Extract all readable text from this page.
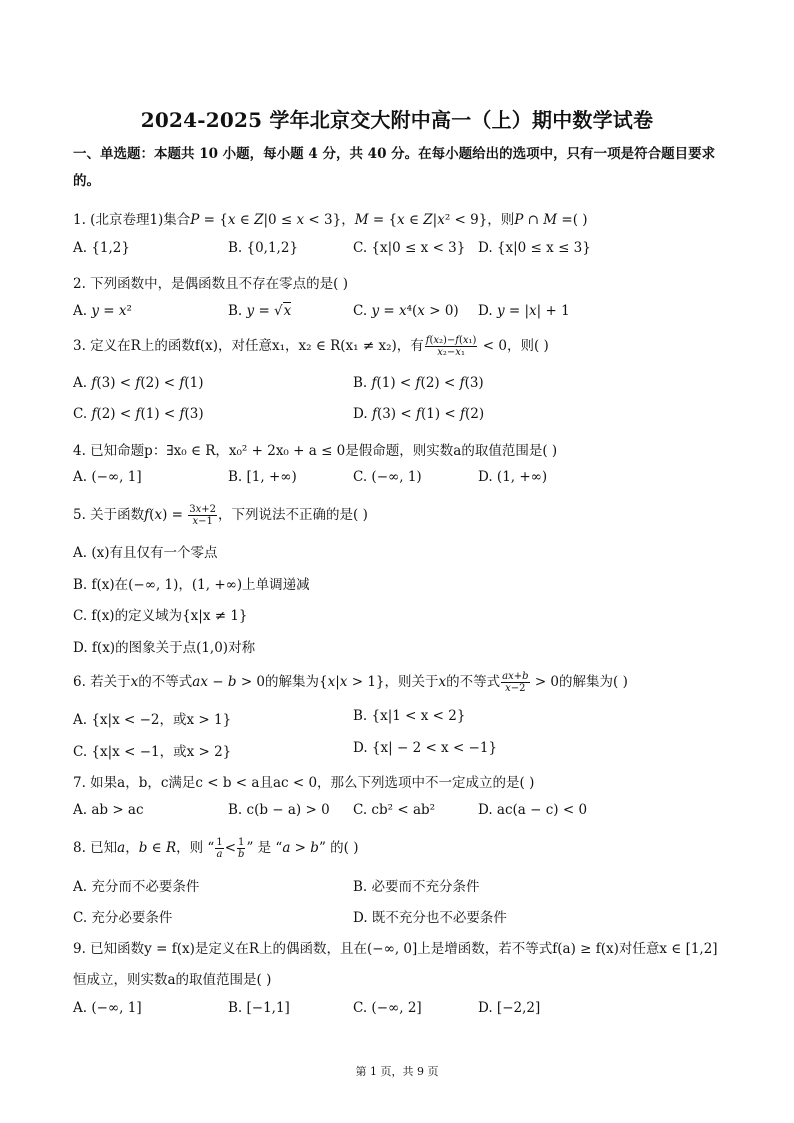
2024-2025 学年北京交大附中高一（上）期中数学试卷
一、单选题：本题共 10 小题，每小题 4 分，共 40 分。在每小题给出的选项中，只有一项是符合题目要求的。
1. (北京卷理1)集合P = {x ∈ Z|0 ≤ x < 3}，M = {x ∈ Z|x² < 9}，则P ∩ M =( )
A. {1,2}	B. {0,1,2}	C. {x|0 ≤ x < 3} D. {x|0 ≤ x ≤ 3}
2. 下列函数中，是偶函数且不存在零点的是( )
A. y = x²	B. y = √x	C. y = x⁴(x > 0) D. y = |x| + 1
3. 定义在R上的函数f(x)，对任意x₁，x₂ ∈ R(x₁ ≠ x₂)，有 $\frac{\text{f(x₂)−f(x₁)}}{\text{x₂−x₁}} < 0$，则( )
A. f(3) < f(2) < f(1)	B. f(1) < f(2) < f(3)
C. f(2) < f(1) < f(3)	D. f(3) < f(1) < f(2)
4. 已知命题p：∃x₀ ∈ R，x₀² + 2x₀ + a ≤ 0是假命题，则实数a的取值范围是( )
A. (−∞, 1]	B. [1, +∞)	C. (−∞, 1)	D. (1, +∞)
5. 关于函数$f(x) = \frac{3x+2}{x-1}$ ，下列说法不正确的是( )
A. (x)有且仅有一个零点
B. f(x)在(−∞, 1)，(1, +∞)上单调递减
C. f(x)的定义域为{x|x ≠ 1}
D. f(x)的图象关于点(1,0)对称
6. 若关于x的不等式ax − b > 0的解集为{x|x > 1}，则关于x的不等式 $\frac{ax+b}{x-2} > 0$的解集为( )
A. {x|x < −2，或x > 1}	B. {x|1 < x < 2}
C. {x|x < −1，或x > 2}	D. {x| − 2 < x < −1}
7. 如果a，b，c满足c < b < a且ac < 0，那么下列选项中不一定成立的是( )
A. ab > ac	B. c(b − a) > 0 C. cb² < ab²	D. ac(a − c) < 0
8. 已知a，b ∈ R，则 “ $\frac{1}{a} < \frac{1}{b}$ ” 是 “a > b” 的( )
A. 充分而不必要条件	B. 必要而不充分条件
C. 充分必要条件	D. 既不充分也不必要条件
9. 已知函数y = f(x)是定义在R上的偶函数，且在(−∞, 0]上是增函数，若不等式f(a) ≥ f(x)对任意x ∈ [1,2]
恒成立，则实数a的取值范围是( )
A. (−∞, 1]	B. [−1,1]	C. (−∞, 2]	D. [−2,2]
第 1 页，共 9 页
